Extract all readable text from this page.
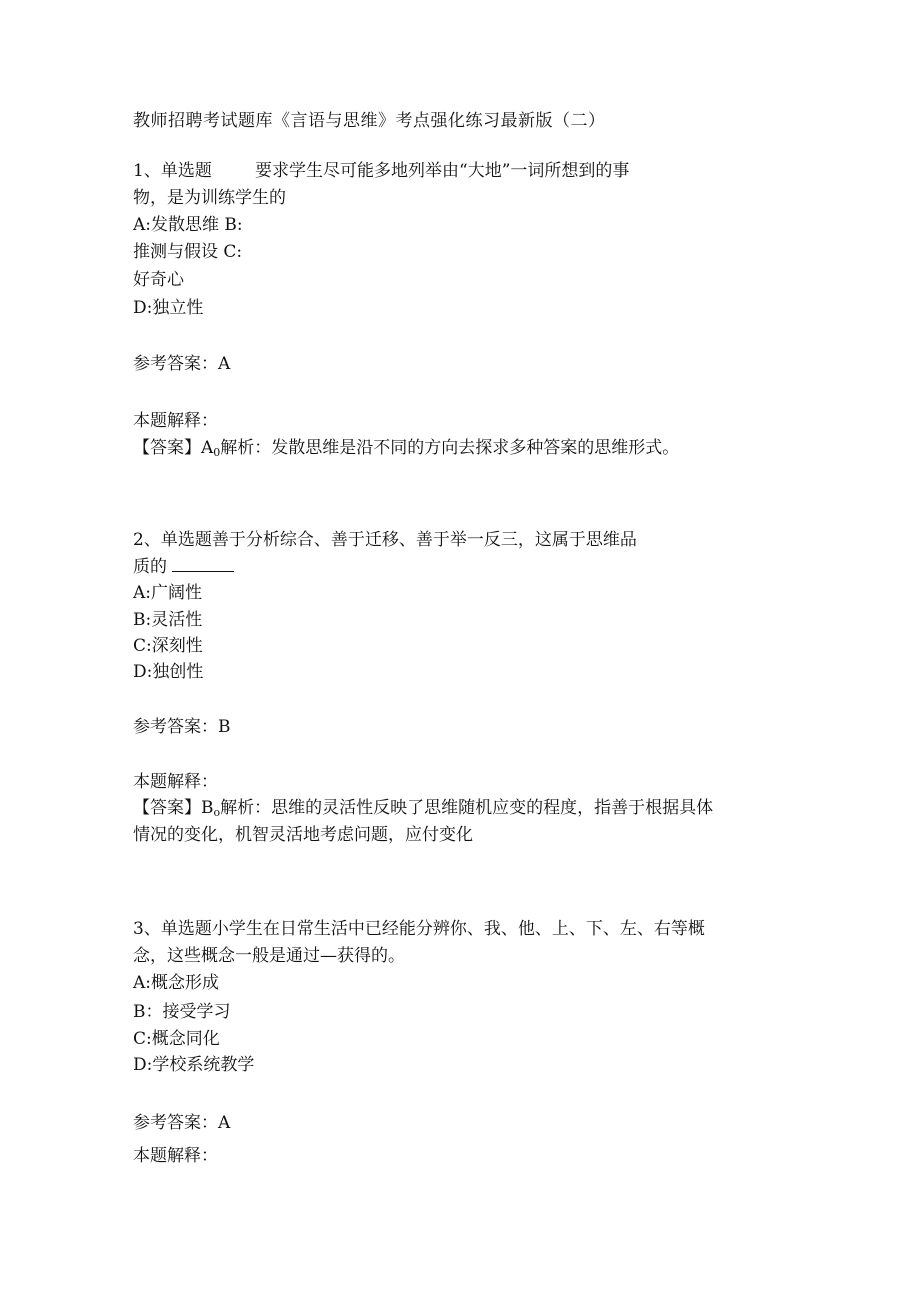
教师招聘考试题库《言语与思维》考点强化练习最新版（二）
1、单选题        要求学生尽可能多地列举由“大地”一词所想到的事
物，是为训练学生的
A:发散思维 B:
推测与假设 C:
好奇心
D:独立性
参考答案：A
本题解释：
【答案】$A_0$解析：发散思维是沿不同的方向去探求多种答案的思维形式。
2、单选题善于分析综合、善于迁移、善于举一反三，这属于思维品
质的
A:广阔性
B:灵活性
C:深刻性
D:独创性
参考答案：B
本题解释：
【答案】$B_o$解析：思维的灵活性反映了思维随机应变的程度，指善于根据具体
情况的变化，机智灵活地考虑问题，应付变化
3、单选题小学生在日常生活中已经能分辨你、我、他、上、下、左、右等概
念，这些概念一般是通过—获得的。
A:概念形成
B：接受学习
C:概念同化
D:学校系统教学
参考答案：A
本题解释：
